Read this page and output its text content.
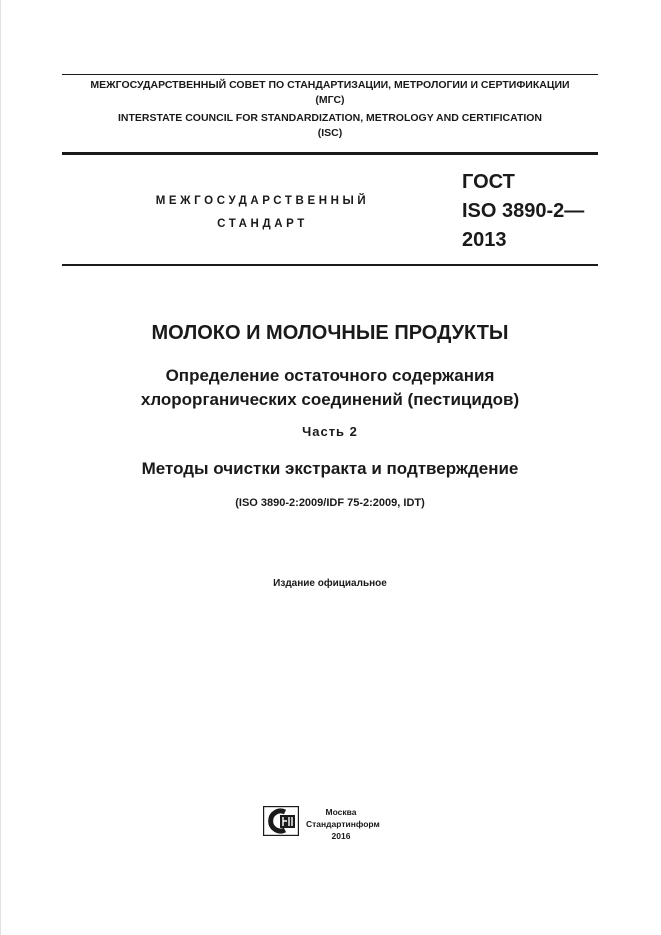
МЕЖГОСУДАРСТВЕННЫЙ СОВЕТ ПО СТАНДАРТИЗАЦИИ, МЕТРОЛОГИИ И СЕРТИФИКАЦИИ
(МГС)
INTERSTATE COUNCIL FOR STANDARDIZATION, METROLOGY AND CERTIFICATION
(ISC)
МЕЖГОСУДАРСТВЕННЫЙ
СТАНДАРТ
ГОСТ
ISO 3890-2—
2013
МОЛОКО И МОЛОЧНЫЕ ПРОДУКТЫ
Определение остаточного содержания
хлорорганических соединений (пестицидов)
Часть 2
Методы очистки экстракта и подтверждение
(ISO 3890-2:2009/IDF 75-2:2009, IDT)
Издание официальное
Москва
Стандартинформ
2016
